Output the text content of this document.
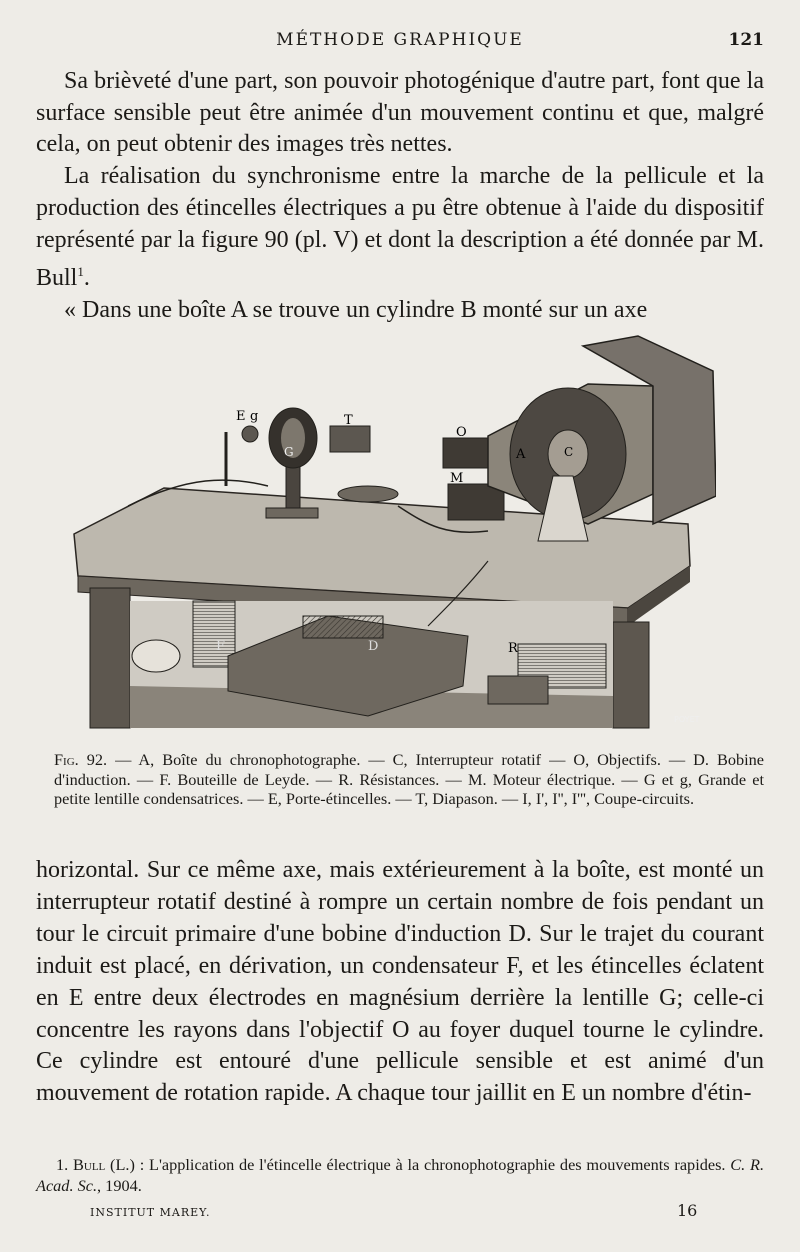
MÉTHODE GRAPHIQUE	121

Sa brièveté d'une part, son pouvoir photogénique d'autre part, font que la surface sensible peut être animée d'un mouvement continu et que, malgré cela, on peut obtenir des images très nettes.

La réalisation du synchronisme entre la marche de la pellicule et la production des étincelles électriques a pu être obtenue à l'aide du dispositif représenté par la figure 90 (pl. V) et dont la description a été donnée par M. Bull$^1$.

« Dans une boîte A se trouve un cylindre B monté sur un axe

E g
G
T
O
A	C
M
F	R
D
POYET
Fig. 92. — A, Boîte du chronophotographe. — C, Interrupteur rotatif — O, Objectifs. — D. Bobine d'induction. — F. Bouteille de Leyde. — R. Résistances. — M. Moteur électrique. — G et g, Grande et petite lentille condensatrices. — E, Porte-étincelles. — T, Diapason. — I, I', I'', I''', Coupe-circuits.

horizontal. Sur ce même axe, mais extérieurement à la boîte, est monté un interrupteur rotatif destiné à rompre un certain nombre de fois pendant un tour le circuit primaire d'une bobine d'induction D. Sur le trajet du courant induit est placé, en dérivation, un condensateur F, et les étincelles éclatent en E entre deux électrodes en magnésium derrière la lentille G; celle-ci concentre les rayons dans l'objectif O au foyer duquel tourne le cylindre. Ce cylindre est entouré d'une pellicule sensible et est animé d'un mouvement de rotation rapide. A chaque tour jaillit en E un nombre d'étin-

1. Bull (L.) : L'application de l'étincelle électrique à la chronophotographie des mouvements rapides. C. R. Acad. Sc., 1904.
INSTITUT MAREY.	16
